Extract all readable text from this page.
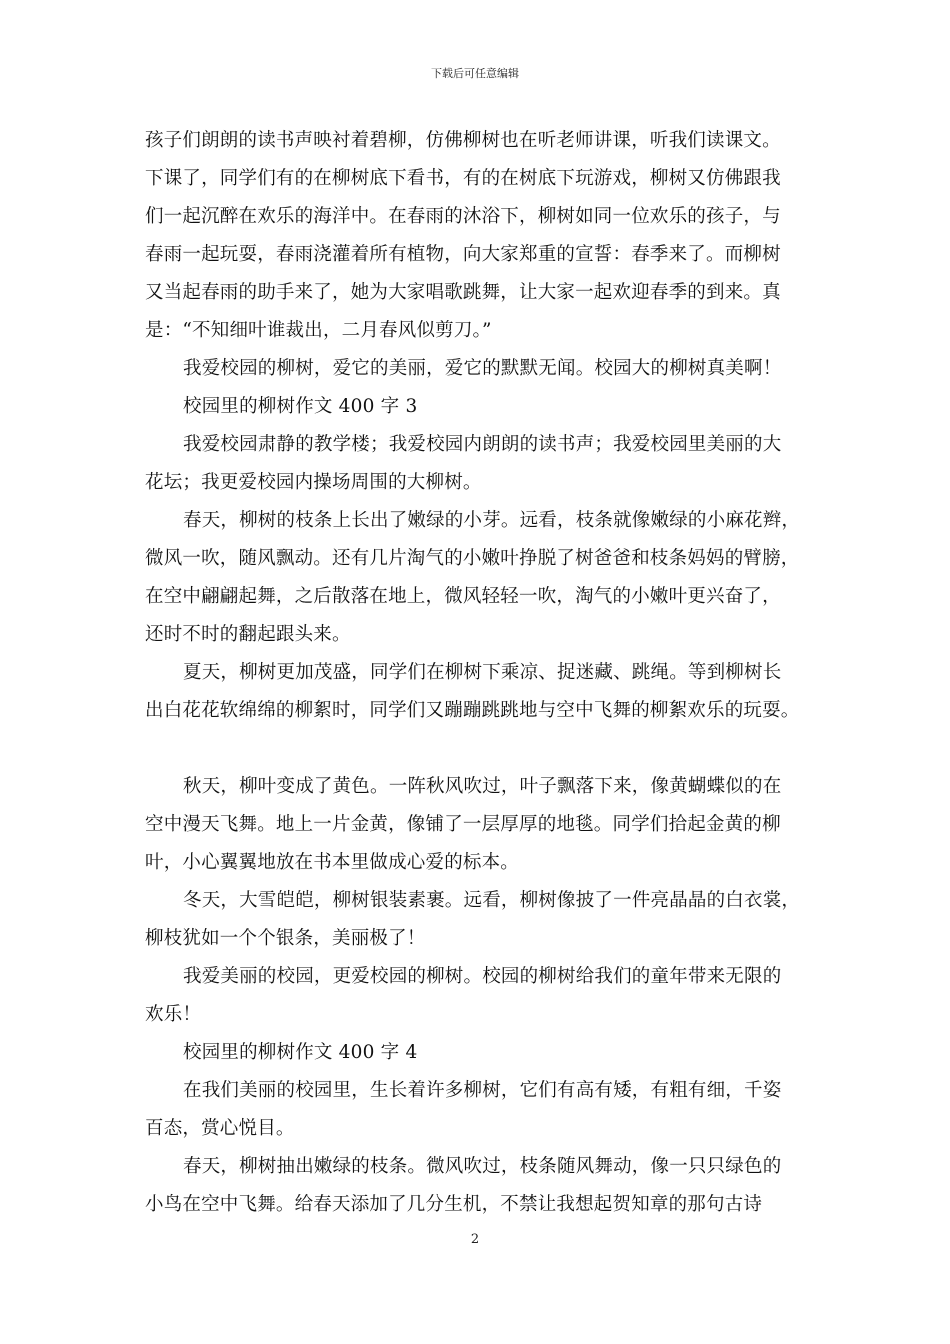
下载后可任意编辑
孩子们朗朗的读书声映衬着碧柳，仿佛柳树也在听老师讲课，听我们读课文。
下课了，同学们有的在柳树底下看书，有的在树底下玩游戏，柳树又仿佛跟我
们一起沉醉在欢乐的海洋中。在春雨的沐浴下，柳树如同一位欢乐的孩子，与
春雨一起玩耍，春雨浇灌着所有植物，向大家郑重的宣誓：春季来了。而柳树
又当起春雨的助手来了，她为大家唱歌跳舞，让大家一起欢迎春季的到来。真
是：“不知细叶谁裁出，二月春风似剪刀。”
我爱校园的柳树，爱它的美丽，爱它的默默无闻。校园大的柳树真美啊！
校园里的柳树作文 400 字 3
我爱校园肃静的教学楼；我爱校园内朗朗的读书声；我爱校园里美丽的大
花坛；我更爱校园内操场周围的大柳树。
春天，柳树的枝条上长出了嫩绿的小芽。远看，枝条就像嫩绿的小麻花辫，
微风一吹，随风飘动。还有几片淘气的小嫩叶挣脱了树爸爸和枝条妈妈的臂膀，
在空中翩翩起舞，之后散落在地上，微风轻轻一吹，淘气的小嫩叶更兴奋了，
还时不时的翻起跟头来。
夏天，柳树更加茂盛，同学们在柳树下乘凉、捉迷藏、跳绳。等到柳树长
出白花花软绵绵的柳絮时，同学们又蹦蹦跳跳地与空中飞舞的柳絮欢乐的玩耍。
秋天，柳叶变成了黄色。一阵秋风吹过，叶子飘落下来，像黄蝴蝶似的在
空中漫天飞舞。地上一片金黄，像铺了一层厚厚的地毯。同学们拾起金黄的柳
叶，小心翼翼地放在书本里做成心爱的标本。
冬天，大雪皑皑，柳树银装素裹。远看，柳树像披了一件亮晶晶的白衣裳，
柳枝犹如一个个银条，美丽极了！
我爱美丽的校园，更爱校园的柳树。校园的柳树给我们的童年带来无限的
欢乐！
校园里的柳树作文 400 字 4
在我们美丽的校园里，生长着许多柳树，它们有高有矮，有粗有细，千姿
百态，赏心悦目。
春天，柳树抽出嫩绿的枝条。微风吹过，枝条随风舞动，像一只只绿色的
小鸟在空中飞舞。给春天添加了几分生机，不禁让我想起贺知章的那句古诗
2
